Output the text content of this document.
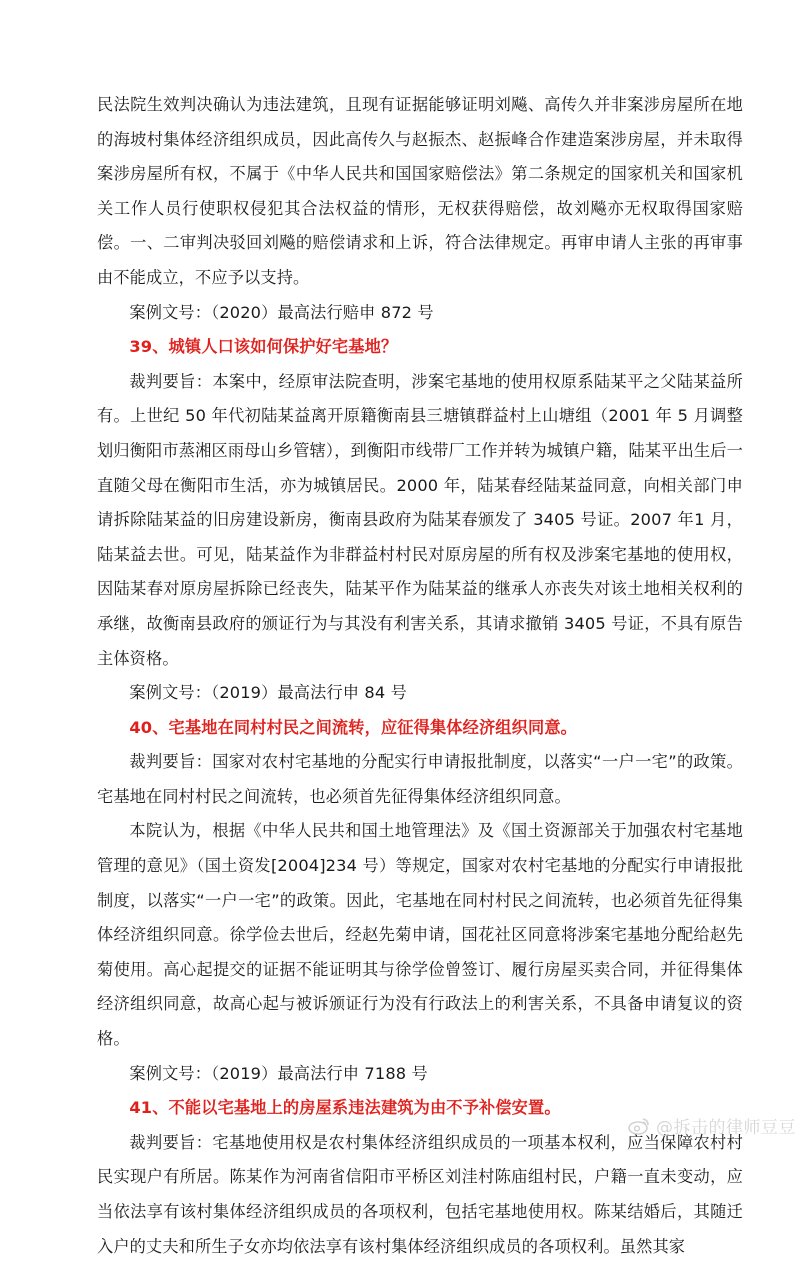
民法院生效判决确认为违法建筑，且现有证据能够证明刘飚、高传久并非案涉房屋所在地的海坡村集体经济组织成员，因此高传久与赵振杰、赵振峰合作建造案涉房屋，并未取得案涉房屋所有权，不属于《中华人民共和国国家赔偿法》第二条规定的国家机关和国家机关工作人员行使职权侵犯其合法权益的情形，无权获得赔偿，故刘飚亦无权取得国家赔偿。一、二审判决驳回刘飚的赔偿请求和上诉，符合法律规定。再审申请人主张的再审事由不能成立，不应予以支持。

案例文号：（2020）最高法行赔申 872 号

39、城镇人口该如何保护好宅基地？

裁判要旨：本案中，经原审法院查明，涉案宅基地的使用权原系陆某平之父陆某益所有。上世纪 50 年代初陆某益离开原籍衡南县三塘镇群益村上山塘组（2001 年 5 月调整划归衡阳市蒸湘区雨母山乡管辖），到衡阳市线带厂工作并转为城镇户籍，陆某平出生后一直随父母在衡阳市生活，亦为城镇居民。2000 年，陆某春经陆某益同意，向相关部门申请拆除陆某益的旧房建设新房，衡南县政府为陆某春颁发了 3405 号证。2007 年1 月，陆某益去世。可见，陆某益作为非群益村村民对原房屋的所有权及涉案宅基地的使用权，因陆某春对原房屋拆除已经丧失，陆某平作为陆某益的继承人亦丧失对该土地相关权利的承继，故衡南县政府的颁证行为与其没有利害关系，其请求撤销 3405 号证，不具有原告主体资格。

案例文号：（2019）最高法行申 84 号

40、宅基地在同村村民之间流转，应征得集体经济组织同意。

裁判要旨：国家对农村宅基地的分配实行申请报批制度，以落实“一户一宅”的政策。宅基地在同村村民之间流转，也必须首先征得集体经济组织同意。

本院认为，根据《中华人民共和国土地管理法》及《国土资源部关于加强农村宅基地管理的意见》（国土资发[2004]234 号）等规定，国家对农村宅基地的分配实行申请报批制度，以落实“一户一宅”的政策。因此，宅基地在同村村民之间流转，也必须首先征得集体经济组织同意。徐学俭去世后，经赵先菊申请，国花社区同意将涉案宅基地分配给赵先菊使用。高心起提交的证据不能证明其与徐学俭曾签订、履行房屋买卖合同，并征得集体经济组织同意，故高心起与被诉颁证行为没有行政法上的利害关系，不具备申请复议的资格。

案例文号：（2019）最高法行申 7188 号

41、不能以宅基地上的房屋系违法建筑为由不予补偿安置。

裁判要旨：宅基地使用权是农村集体经济组织成员的一项基本权利，应当保障农村村民实现户有所居。陈某作为河南省信阳市平桥区刘洼村陈庙组村民，户籍一直未变动，应当依法享有该村集体经济组织成员的各项权利，包括宅基地使用权。陈某结婚后，其随迁入户的丈夫和所生子女亦均依法享有该村集体经济组织成员的各项权利。虽然其家

@拆击的律师豆豆
